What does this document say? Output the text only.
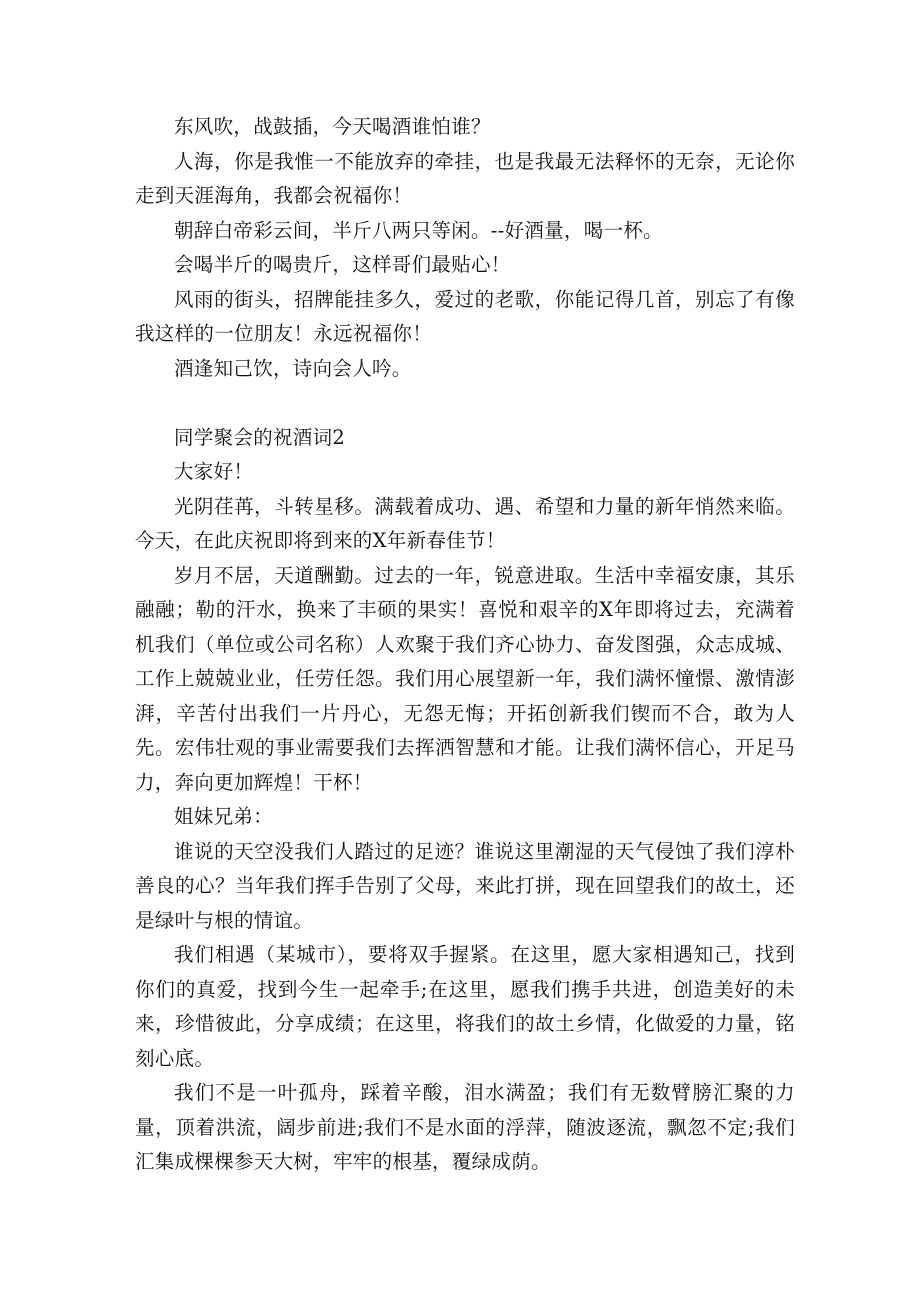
东风吹，战鼓插，今天喝酒谁怕谁？

人海，你是我惟一不能放弃的牵挂，也是我最无法释怀的无奈，无论你走到天涯海角，我都会祝福你！

朝辞白帝彩云间，半斤八两只等闲。--好酒量，喝一杯。

会喝半斤的喝贵斤，这样哥们最贴心！

风雨的街头，招牌能挂多久，爱过的老歌，你能记得几首，别忘了有像我这样的一位朋友！永远祝福你！

酒逢知己饮，诗向会人吟。

同学聚会的祝酒词2

大家好！

光阴荏苒，斗转星移。满载着成功、遇、希望和力量的新年悄然来临。今天，在此庆祝即将到来的X年新春佳节！

岁月不居，天道酬勤。过去的一年，锐意进取。生活中幸福安康，其乐融融；勒的汗水，换来了丰硕的果实！喜悦和艰辛的X年即将过去，充满着机我们（单位或公司名称）人欢聚于我们齐心协力、奋发图强，众志成城、工作上兢兢业业，任劳任怨。我们用心展望新一年，我们满怀憧憬、激情澎湃，辛苦付出我们一片丹心，无怨无悔；开拓创新我们锲而不合，敢为人先。宏伟壮观的事业需要我们去挥洒智慧和才能。让我们满怀信心，开足马力，奔向更加辉煌！干杯！

姐妹兄弟：

谁说的天空没我们人踏过的足迹？谁说这里潮湿的天气侵蚀了我们淳朴善良的心？当年我们挥手告别了父母，来此打拼，现在回望我们的故土，还是绿叶与根的情谊。

我们相遇（某城市），要将双手握紧。在这里，愿大家相遇知己，找到你们的真爱，找到今生一起牵手;在这里，愿我们携手共进，创造美好的未来，珍惜彼此，分享成绩；在这里，将我们的故土乡情，化做爱的力量，铭刻心底。

我们不是一叶孤舟，踩着辛酸，泪水满盈；我们有无数臂膀汇聚的力量，顶着洪流，阔步前进;我们不是水面的浮萍，随波逐流，飘忽不定;我们汇集成棵棵参天大树，牢牢的根基，覆绿成荫。
